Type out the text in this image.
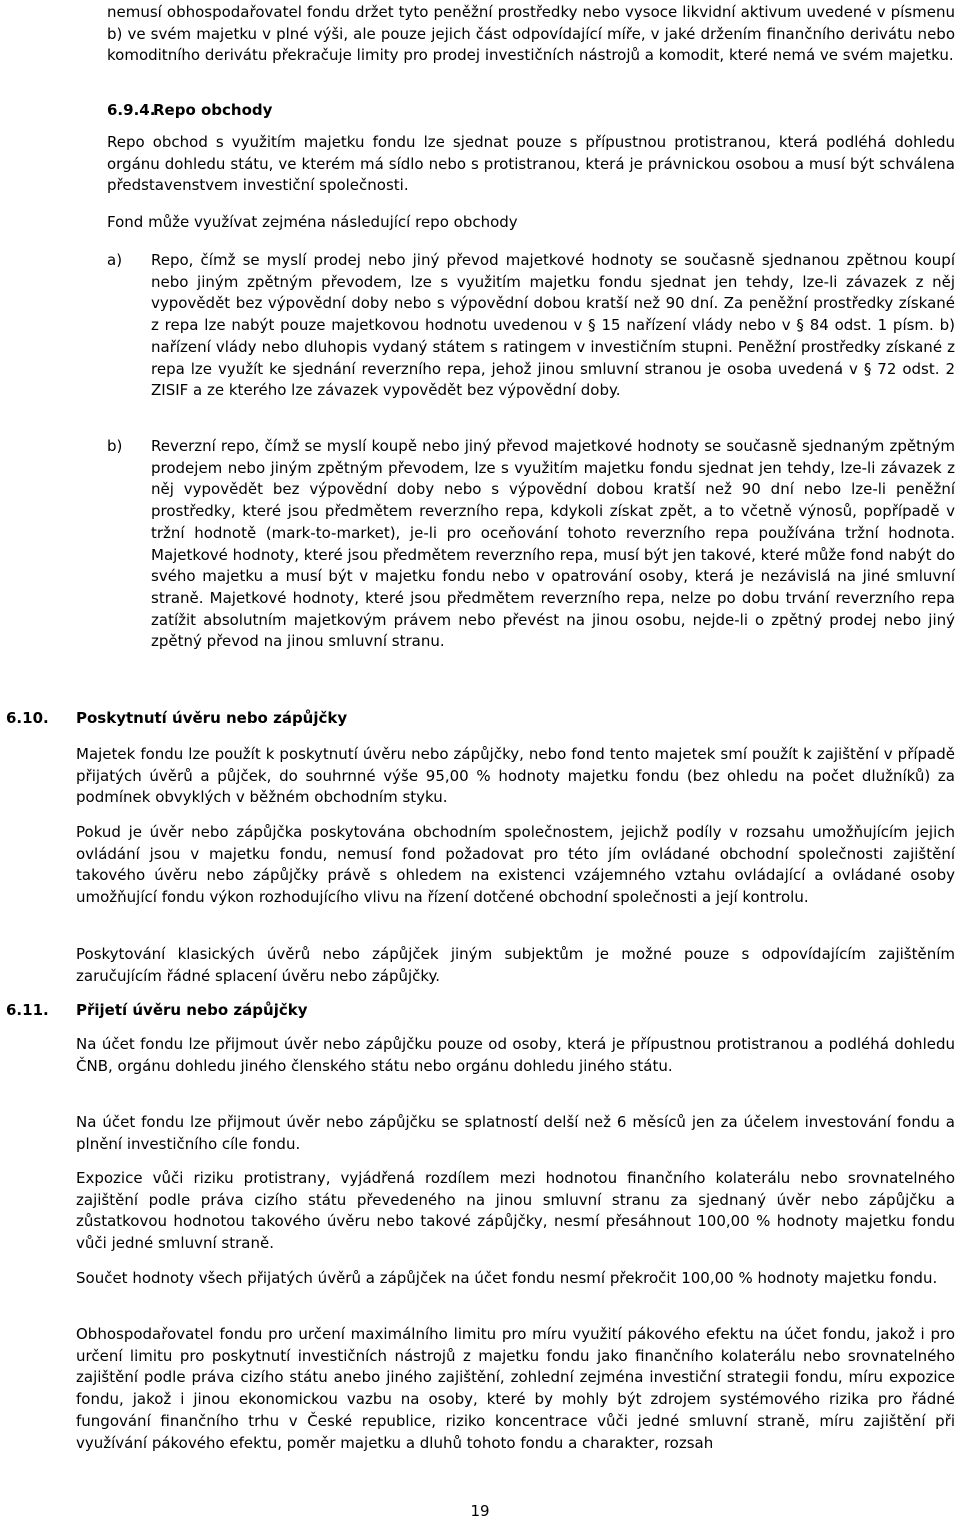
nemusí obhospodařovatel fondu držet tyto peněžní prostředky nebo vysoce likvidní aktivum uvedené v písmenu b) ve svém majetku v plné výši, ale pouze jejich část odpovídající míře, v jaké držením finančního derivátu nebo komoditního derivátu překračuje limity pro prodej investičních nástrojů a komodit, které nemá ve svém majetku.

6.9.4.Repo obchody

Repo obchod s využitím majetku fondu lze sjednat pouze s přípustnou protistranou, která podléhá dohledu orgánu dohledu státu, ve kterém má sídlo nebo s protistranou, která je právnickou osobou a musí být schválena představenstvem investiční společnosti.

Fond může využívat zejména následující repo obchody

a) Repo, čímž se myslí prodej nebo jiný převod majetkové hodnoty se současně sjednanou zpětnou koupí nebo jiným zpětným převodem, lze s využitím majetku fondu sjednat jen tehdy, lze-li závazek z něj vypovědět bez výpovědní doby nebo s výpovědní dobou kratší než 90 dní. Za peněžní prostředky získané z repa lze nabýt pouze majetkovou hodnotu uvedenou v § 15 nařízení vlády nebo v § 84 odst. 1 písm. b) nařízení vlády nebo dluhopis vydaný státem s ratingem v investičním stupni. Peněžní prostředky získané z repa lze využít ke sjednání reverzního repa, jehož jinou smluvní stranou je osoba uvedená v § 72 odst. 2 ZISIF a ze kterého lze závazek vypovědět bez výpovědní doby.

b) Reverzní repo, čímž se myslí koupě nebo jiný převod majetkové hodnoty se současně sjednaným zpětným prodejem nebo jiným zpětným převodem, lze s využitím majetku fondu sjednat jen tehdy, lze-li závazek z něj vypovědět bez výpovědní doby nebo s výpovědní dobou kratší než 90 dní nebo lze-li peněžní prostředky, které jsou předmětem reverzního repa, kdykoli získat zpět, a to včetně výnosů, popřípadě v tržní hodnotě (mark-to-market), je-li pro oceňování tohoto reverzního repa používána tržní hodnota. Majetkové hodnoty, které jsou předmětem reverzního repa, musí být jen takové, které může fond nabýt do svého majetku a musí být v majetku fondu nebo v opatrování osoby, která je nezávislá na jiné smluvní straně. Majetkové hodnoty, které jsou předmětem reverzního repa, nelze po dobu trvání reverzního repa zatížit absolutním majetkovým právem nebo převést na jinou osobu, nejde-li o zpětný prodej nebo jiný zpětný převod na jinou smluvní stranu.

6.10. Poskytnutí úvěru nebo zápůjčky

Majetek fondu lze použít k poskytnutí úvěru nebo zápůjčky, nebo fond tento majetek smí použít k zajištění v případě přijatých úvěrů a půjček, do souhrnné výše 95,00 % hodnoty majetku fondu (bez ohledu na počet dlužníků) za podmínek obvyklých v běžném obchodním styku.

Pokud je úvěr nebo zápůjčka poskytována obchodním společnostem, jejichž podíly v rozsahu umožňujícím jejich ovládání jsou v majetku fondu, nemusí fond požadovat pro této jím ovládané obchodní společnosti zajištění takového úvěru nebo zápůjčky právě s ohledem na existenci vzájemného vztahu ovládající a ovládané osoby umožňující fondu výkon rozhodujícího vlivu na řízení dotčené obchodní společnosti a její kontrolu.

Poskytování klasických úvěrů nebo zápůjček jiným subjektům je možné pouze s odpovídajícím zajištěním zaručujícím řádné splacení úvěru nebo zápůjčky.

6.11. Přijetí úvěru nebo zápůjčky

Na účet fondu lze přijmout úvěr nebo zápůjčku pouze od osoby, která je přípustnou protistranou a podléhá dohledu ČNB, orgánu dohledu jiného členského státu nebo orgánu dohledu jiného státu.

Na účet fondu lze přijmout úvěr nebo zápůjčku se splatností delší než 6 měsíců jen za účelem investování fondu a plnění investičního cíle fondu.

Expozice vůči riziku protistrany, vyjádřená rozdílem mezi hodnotou finančního kolaterálu nebo srovnatelného zajištění podle práva cizího státu převedeného na jinou smluvní stranu za sjednaný úvěr nebo zápůjčku a zůstatkovou hodnotou takového úvěru nebo takové zápůjčky, nesmí přesáhnout 100,00 % hodnoty majetku fondu vůči jedné smluvní straně.

Součet hodnoty všech přijatých úvěrů a zápůjček na účet fondu nesmí překročit 100,00 % hodnoty majetku fondu.

Obhospodařovatel fondu pro určení maximálního limitu pro míru využití pákového efektu na účet fondu, jakož i pro určení limitu pro poskytnutí investičních nástrojů z majetku fondu jako finančního kolaterálu nebo srovnatelného zajištění podle práva cizího státu anebo jiného zajištění, zohlední zejména investiční strategii fondu, míru expozice fondu, jakož i jinou ekonomickou vazbu na osoby, které by mohly být zdrojem systémového rizika pro řádné fungování finančního trhu v České republice, riziko koncentrace vůči jedné smluvní straně, míru zajištění při využívání pákového efektu, poměr majetku a dluhů tohoto fondu a charakter, rozsah

19
